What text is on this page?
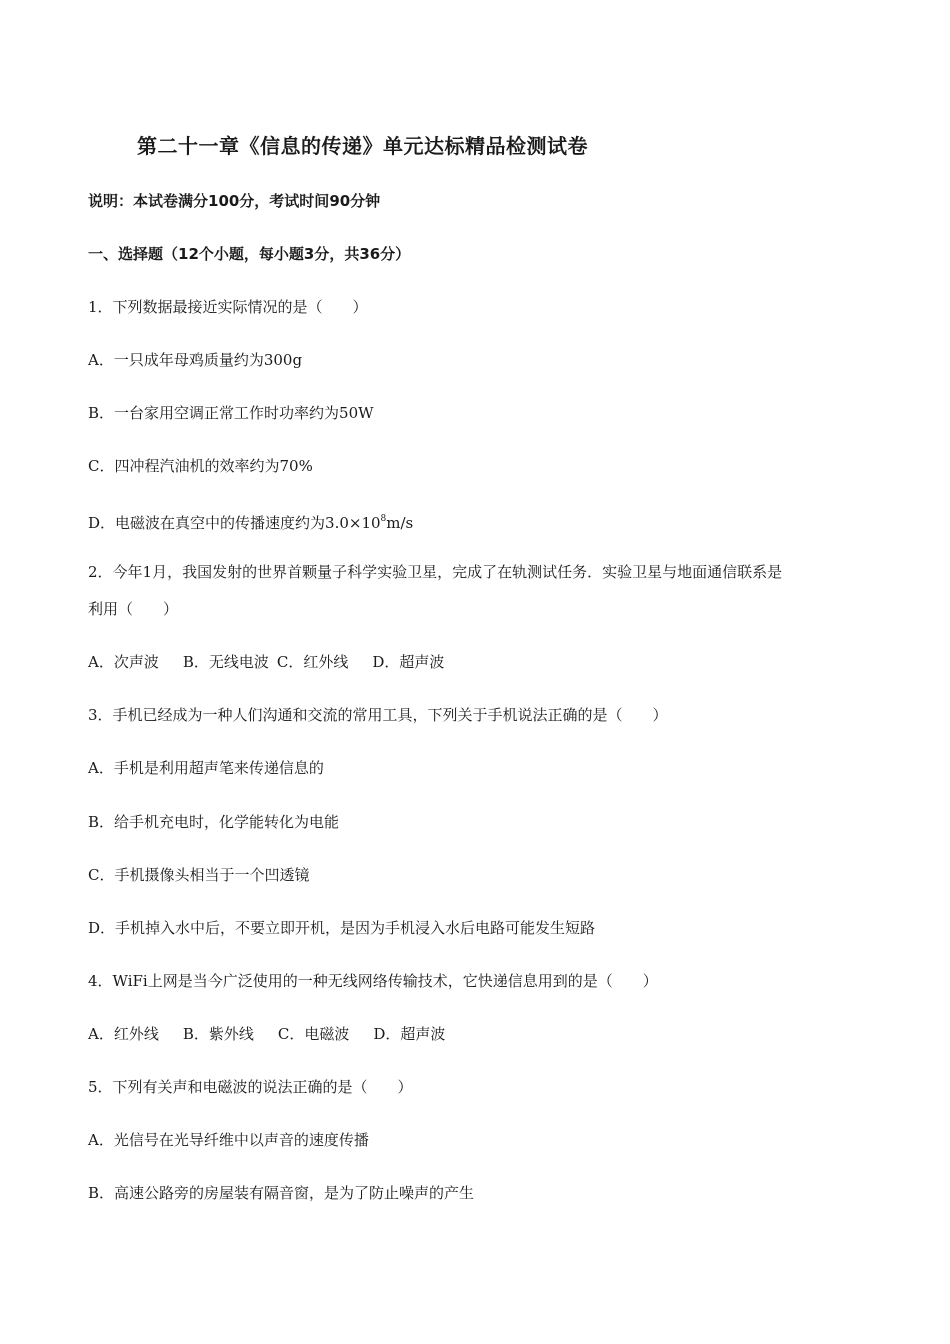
第二十一章《信息的传递》单元达标精品检测试卷
说明：本试卷满分100分，考试时间90分钟
一、选择题（12个小题，每小题3分，共36分）
1．下列数据最接近实际情况的是（　　）
A．一只成年母鸡质量约为300g
B．一台家用空调正常工作时功率约为50W
C．四冲程汽油机的效率约为70%
D．电磁波在真空中的传播速度约为$3.0\times 10^8m/s$
2．今年1月，我国发射的世界首颗量子科学实验卫星，完成了在轨测试任务．实验卫星与地面通信联系是
利用（　　）
A．次声波 B．无线电波 C．红外线 D．超声波
3．手机已经成为一种人们沟通和交流的常用工具，下列关于手机说法正确的是（　　）
A．手机是利用超声笔来传递信息的
B．给手机充电时，化学能转化为电能
C．手机摄像头相当于一个凹透镜
D．手机掉入水中后，不要立即开机，是因为手机浸入水后电路可能发生短路
4．WiFi上网是当今广泛使用的一种无线网络传输技术，它快递信息用到的是（　　）
A．红外线 B．紫外线 C．电磁波 D．超声波
5．下列有关声和电磁波的说法正确的是（　　）
A．光信号在光导纤维中以声音的速度传播
B．高速公路旁的房屋装有隔音窗，是为了防止噪声的产生
